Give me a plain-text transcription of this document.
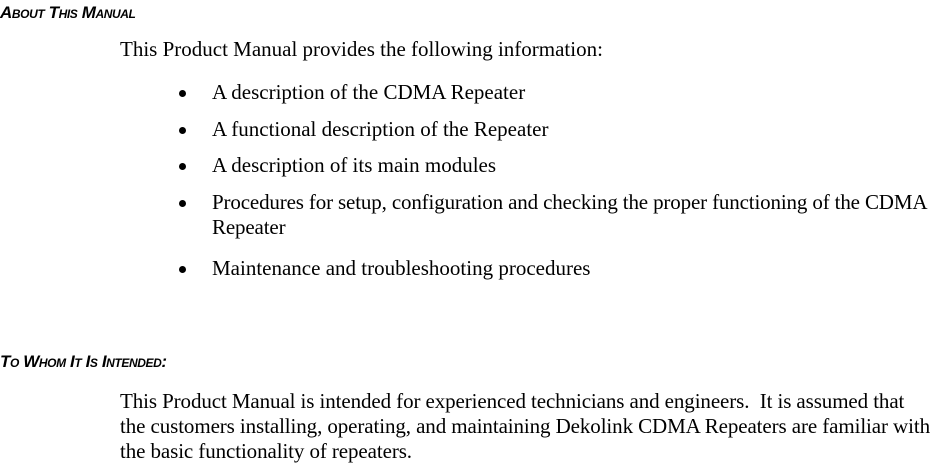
About This Manual

This Product Manual provides the following information:

A description of the CDMA Repeater
A functional description of the Repeater
A description of its main modules
Procedures for setup, configuration and checking the proper functioning of the CDMA Repeater
Maintenance and troubleshooting procedures
To Whom It Is Intended:

This Product Manual is intended for experienced technicians and engineers.  It is assumed that the customers installing, operating, and maintaining Dekolink CDMA Repeaters are familiar with the basic functionality of repeaters.
